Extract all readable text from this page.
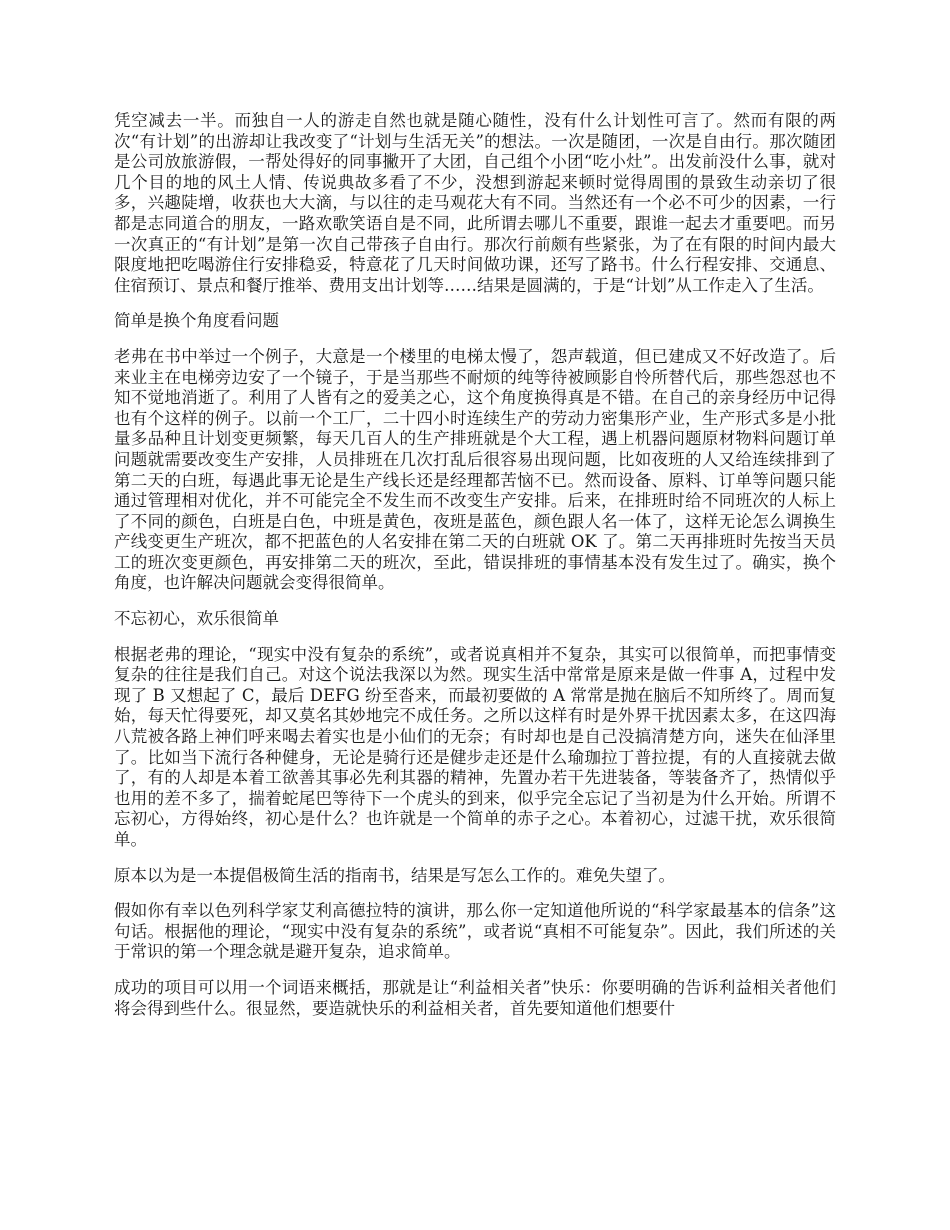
凭空减去一半。而独自一人的游走自然也就是随心随性，没有什么计划性可言了。然而有限的两次“有计划”的出游却让我改变了“计划与生活无关”的想法。一次是随团，一次是自由行。那次随团是公司放旅游假，一帮处得好的同事撇开了大团，自己组个小团“吃小灶”。出发前没什么事，就对几个目的地的风土人情、传说典故多看了不少，没想到游起来顿时觉得周围的景致生动亲切了很多，兴趣陡增，收获也大大滴，与以往的走马观花大有不同。当然还有一个必不可少的因素，一行都是志同道合的朋友，一路欢歌笑语自是不同，此所谓去哪儿不重要，跟谁一起去才重要吧。而另一次真正的“有计划”是第一次自己带孩子自由行。那次行前颇有些紧张，为了在有限的时间内最大限度地把吃喝游住行安排稳妥，特意花了几天时间做功课，还写了路书。什么行程安排、交通息、住宿预订、景点和餐厅推举、费用支出计划等……结果是圆满的，于是“计划”从工作走入了生活。

简单是换个角度看问题

老弗在书中举过一个例子，大意是一个楼里的电梯太慢了，怨声载道，但已建成又不好改造了。后来业主在电梯旁边安了一个镜子，于是当那些不耐烦的纯等待被顾影自怜所替代后，那些怨怼也不知不觉地消逝了。利用了人皆有之的爱美之心，这个角度换得真是不错。在自己的亲身经历中记得也有个这样的例子。以前一个工厂，二十四小时连续生产的劳动力密集形产业，生产形式多是小批量多品种且计划变更频繁，每天几百人的生产排班就是个大工程，遇上机器问题原材物料问题订单问题就需要改变生产安排，人员排班在几次打乱后很容易出现问题，比如夜班的人又给连续排到了第二天的白班，每遇此事无论是生产线长还是经理都苦恼不已。然而设备、原料、订单等问题只能通过管理相对优化，并不可能完全不发生而不改变生产安排。后来，在排班时给不同班次的人标上了不同的颜色，白班是白色，中班是黄色，夜班是蓝色，颜色跟人名一体了，这样无论怎么调换生产线变更生产班次，都不把蓝色的人名安排在第二天的白班就 OK 了。第二天再排班时先按当天员工的班次变更颜色，再安排第二天的班次，至此，错误排班的事情基本没有发生过了。确实，换个角度，也许解决问题就会变得很简单。

不忘初心，欢乐很简单

根据老弗的理论，“现实中没有复杂的系统”，或者说真相并不复杂，其实可以很简单，而把事情变复杂的往往是我们自己。对这个说法我深以为然。现实生活中常常是原来是做一件事 A，过程中发现了 B 又想起了 C，最后 DEFG 纷至沓来，而最初要做的 A 常常是抛在脑后不知所终了。周而复始，每天忙得要死，却又莫名其妙地完不成任务。之所以这样有时是外界干扰因素太多，在这四海八荒被各路上神们呼来喝去着实也是小仙们的无奈；有时却也是自己没搞清楚方向，迷失在仙泽里了。比如当下流行各种健身，无论是骑行还是健步走还是什么瑜珈拉丁普拉提，有的人直接就去做了，有的人却是本着工欲善其事必先利其器的精神，先置办若干先进装备，等装备齐了，热情似乎也用的差不多了，揣着蛇尾巴等待下一个虎头的到来，似乎完全忘记了当初是为什么开始。所谓不忘初心，方得始终，初心是什么？也许就是一个简单的赤子之心。本着初心，过滤干扰，欢乐很简单。

原本以为是一本提倡极简生活的指南书，结果是写怎么工作的。难免失望了。

假如你有幸以色列科学家艾利高德拉特的演讲，那么你一定知道他所说的“科学家最基本的信条”这句话。根据他的理论，“现实中没有复杂的系统”，或者说“真相不可能复杂”。因此，我们所述的关于常识的第一个理念就是避开复杂，追求简单。

成功的项目可以用一个词语来概括，那就是让“利益相关者”快乐：你要明确的告诉利益相关者他们将会得到些什么。很显然，要造就快乐的利益相关者，首先要知道他们想要什
